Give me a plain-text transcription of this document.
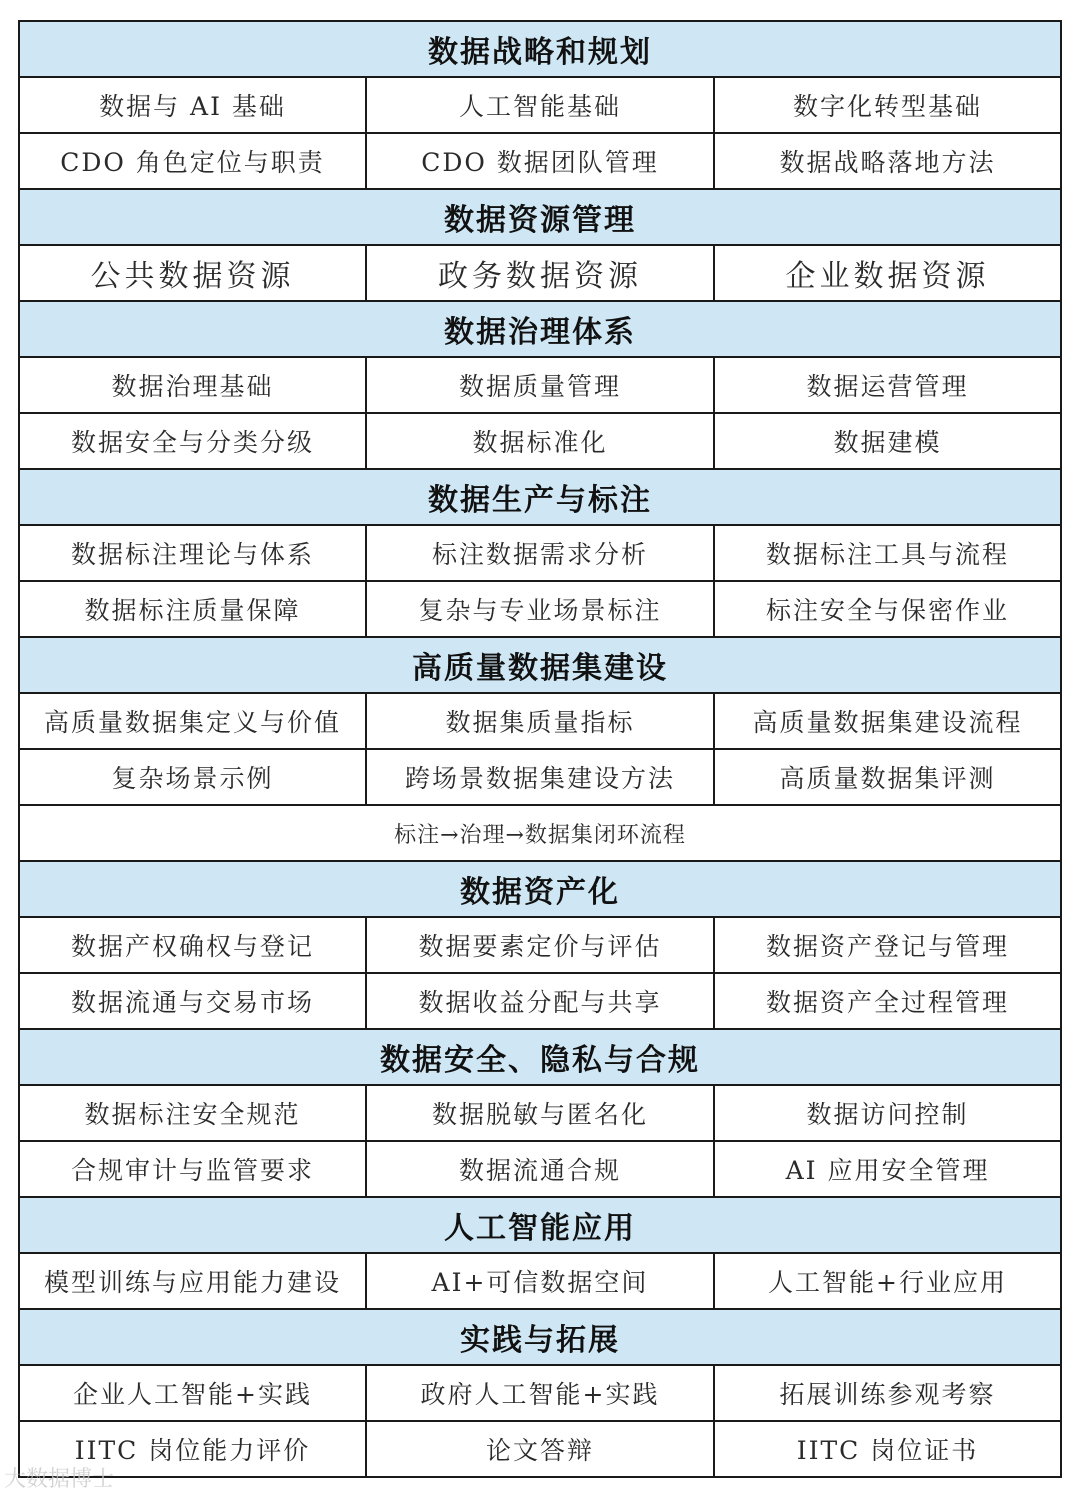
数据战略和规划		
数据与 AI 基础	人工智能基础	数字化转型基础
CDO 角色定位与职责	CDO 数据团队管理	数据战略落地方法
数据资源管理		
公共数据资源	政务数据资源	企业数据资源
数据治理体系		
数据治理基础	数据质量管理	数据运营管理
数据安全与分类分级	数据标准化	数据建模
数据生产与标注		
数据标注理论与体系	标注数据需求分析	数据标注工具与流程
数据标注质量保障	复杂与专业场景标注	标注安全与保密作业
高质量数据集建设		
高质量数据集定义与价值	数据集质量指标	高质量数据集建设流程
复杂场景示例	跨场景数据集建设方法	高质量数据集评测
标注→治理→数据集闭环流程		
数据资产化		
数据产权确权与登记	数据要素定价与评估	数据资产登记与管理
数据流通与交易市场	数据收益分配与共享	数据资产全过程管理
数据安全、隐私与合规		
数据标注安全规范	数据脱敏与匿名化	数据访问控制
合规审计与监管要求	数据流通合规	AI 应用安全管理
人工智能应用		
模型训练与应用能力建设	AI+可信数据空间	人工智能+行业应用
实践与拓展		
企业人工智能+实践	政府人工智能+实践	拓展训练参观考察
IITC 岗位能力评价	论文答辩	IITC 岗位证书
大数据博士
